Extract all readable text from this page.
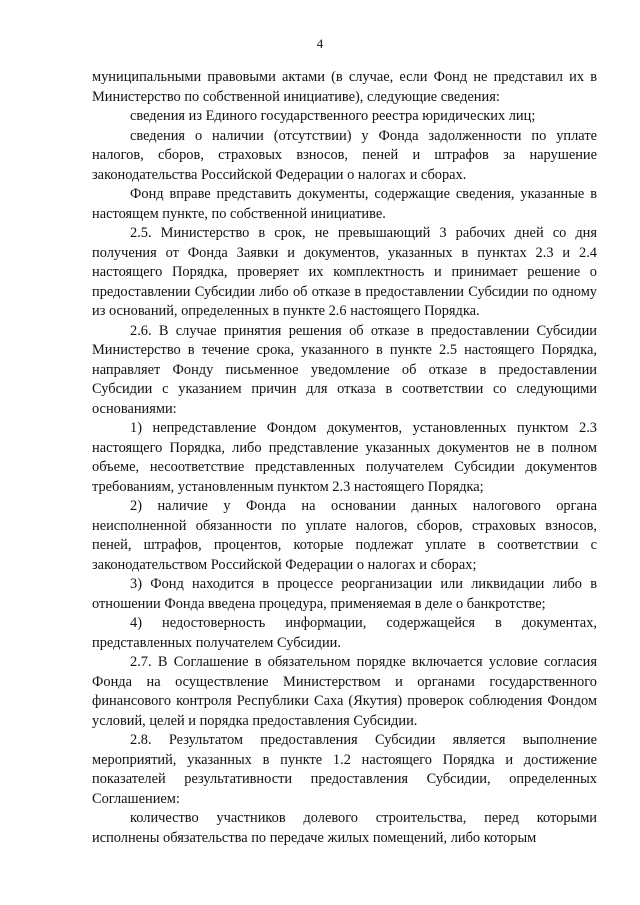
4

муниципальными правовыми актами (в случае, если Фонд не представил их в Министерство по собственной инициативе), следующие сведения:

сведения из Единого государственного реестра юридических лиц;

сведения о наличии (отсутствии) у Фонда задолженности по уплате налогов, сборов, страховых взносов, пеней и штрафов за нарушение законодательства Российской Федерации о налогах и сборах.

Фонд вправе представить документы, содержащие сведения, указанные в настоящем пункте, по собственной инициативе.

2.5. Министерство в срок, не превышающий 3 рабочих дней со дня получения от Фонда Заявки и документов, указанных в пунктах 2.3 и 2.4 настоящего Порядка, проверяет их комплектность и принимает решение о предоставлении Субсидии либо об отказе в предоставлении Субсидии по одному из оснований, определенных в пункте 2.6 настоящего Порядка.

2.6. В случае принятия решения об отказе в предоставлении Субсидии Министерство в течение срока, указанного в пункте 2.5 настоящего Порядка, направляет Фонду письменное уведомление об отказе в предоставлении Субсидии с указанием причин для отказа в соответствии со следующими основаниями:

1) непредставление Фондом документов, установленных пунктом 2.3 настоящего Порядка, либо представление указанных документов не в полном объеме, несоответствие представленных получателем Субсидии документов требованиям, установленным пунктом 2.3 настоящего Порядка;

2) наличие у Фонда на основании данных налогового органа неисполненной обязанности по уплате налогов, сборов, страховых взносов, пеней, штрафов, процентов, которые подлежат уплате в соответствии с законодательством Российской Федерации о налогах и сборах;

3) Фонд находится в процессе реорганизации или ликвидации либо в отношении Фонда введена процедура, применяемая в деле о банкротстве;

4) недостоверность информации, содержащейся в документах, представленных получателем Субсидии.

2.7. В Соглашение в обязательном порядке включается условие согласия Фонда на осуществление Министерством и органами государственного финансового контроля Республики Саха (Якутия) проверок соблюдения Фондом условий, целей и порядка предоставления Субсидии.

2.8. Результатом предоставления Субсидии является выполнение мероприятий, указанных в пункте 1.2 настоящего Порядка и достижение показателей результативности предоставления Субсидии, определенных Соглашением:

количество участников долевого строительства, перед которыми исполнены обязательства по передаче жилых помещений, либо которым
